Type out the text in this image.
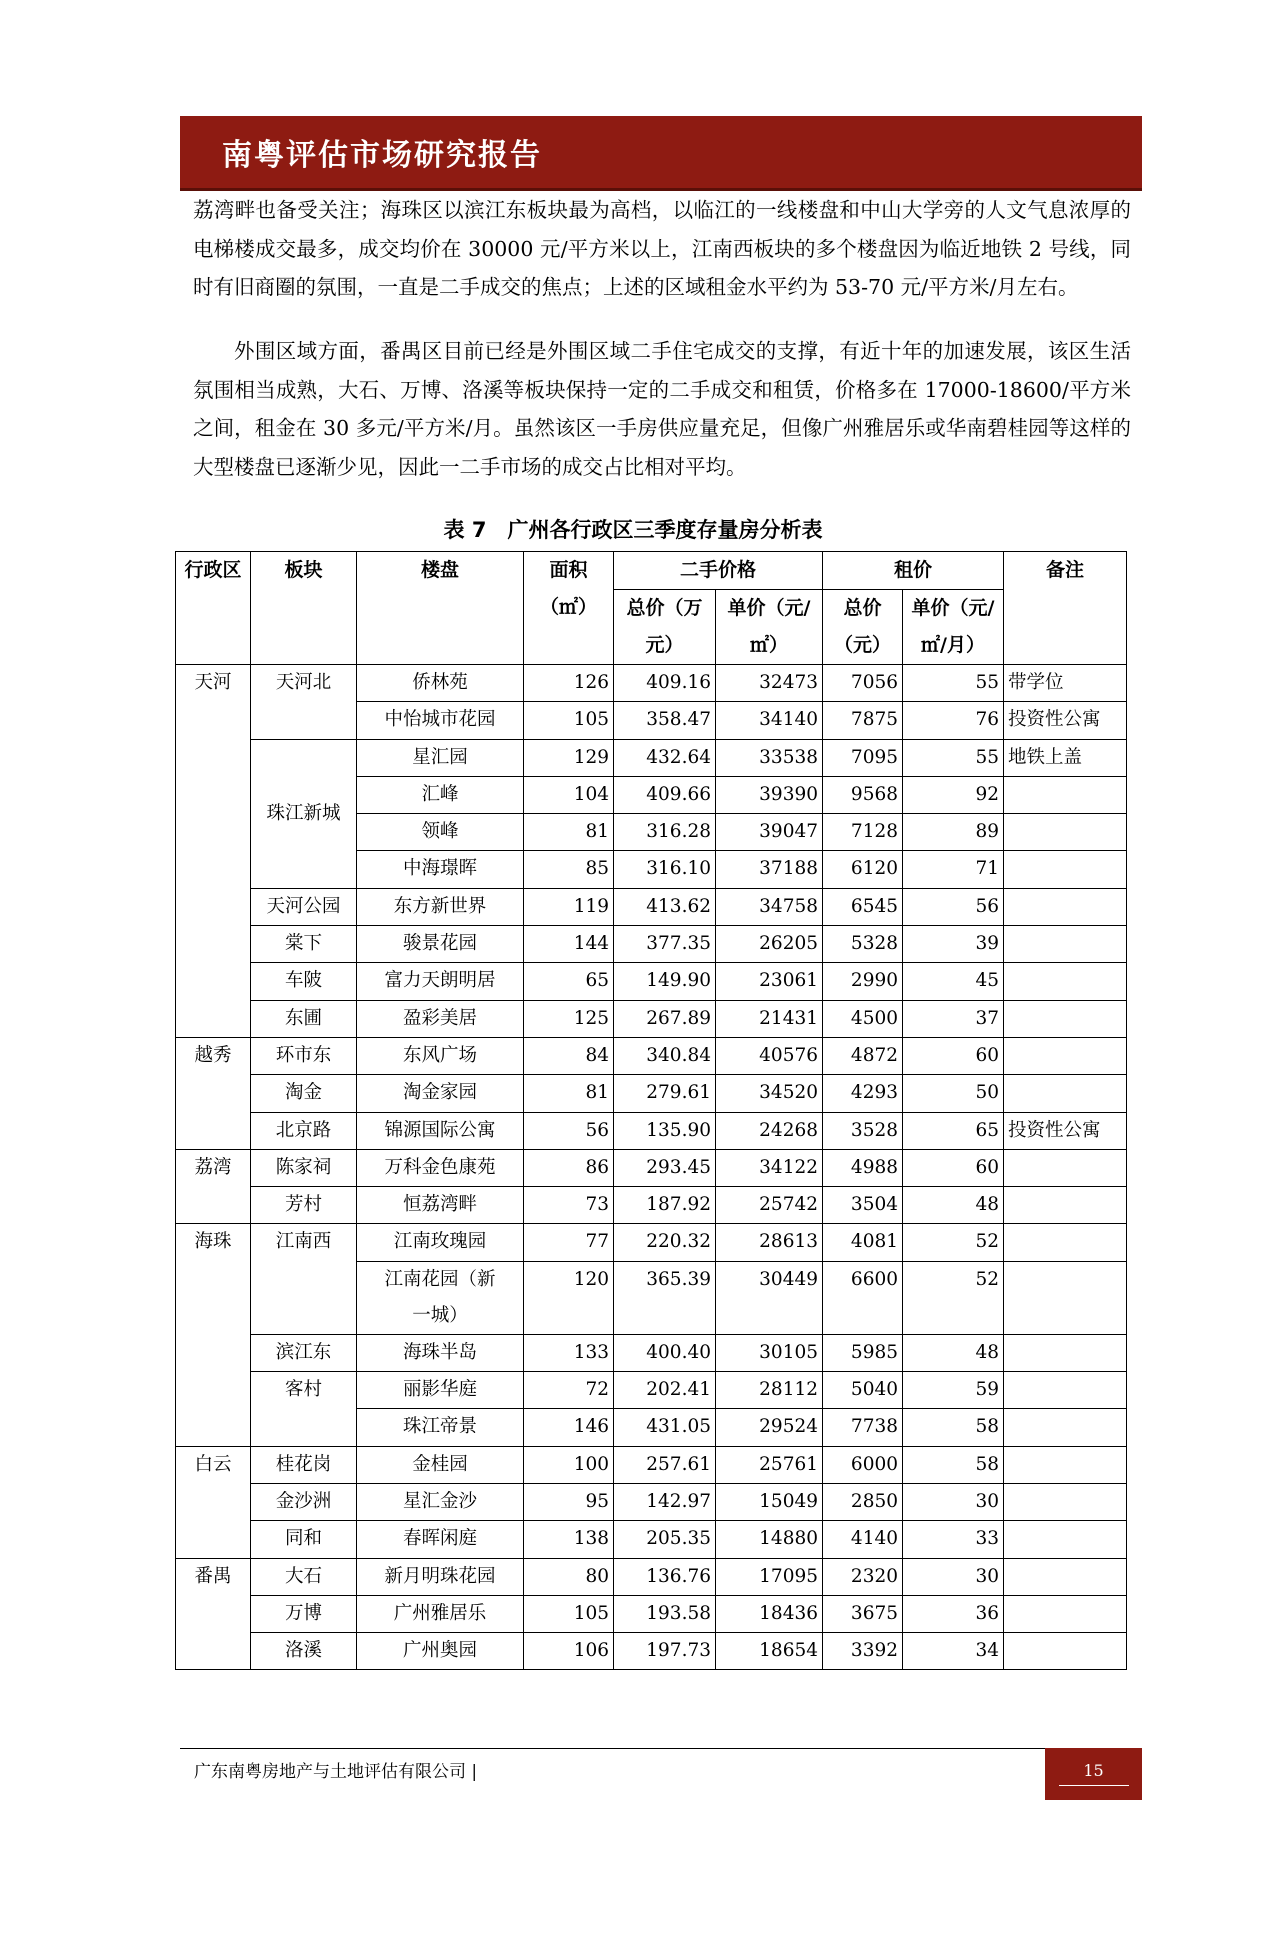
南粤评估市场研究报告

荔湾畔也备受关注；海珠区以滨江东板块最为高档，以临江的一线楼盘和中山大学旁的人文气息浓厚的电梯楼成交最多，成交均价在 30000 元/平方米以上，江南西板块的多个楼盘因为临近地铁 2 号线，同时有旧商圈的氛围，一直是二手成交的焦点；上述的区域租金水平约为 53-70 元/平方米/月左右。

外围区域方面，番禺区目前已经是外围区域二手住宅成交的支撑，有近十年的加速发展，该区生活氛围相当成熟，大石、万博、洛溪等板块保持一定的二手成交和租赁，价格多在 17000-18600/平方米之间，租金在 30 多元/平方米/月。虽然该区一手房供应量充足，但像广州雅居乐或华南碧桂园等这样的大型楼盘已逐渐少见，因此一二手市场的成交占比相对平均。

表 7　广州各行政区三季度存量房分析表
行政区	板块	楼盘	面积（㎡）	二手价格		租价		备注
				总价（万元）	单价（元/㎡）	总价（元）	单价（元/㎡/月）	
天河	天河北	侨林苑	126	409.16	32473	7056	55	带学位
		中怡城市花园	105	358.47	34140	7875	76	投资性公寓
	珠江新城	星汇园	129	432.64	33538	7095	55	地铁上盖
		汇峰	104	409.66	39390	9568	92	
		领峰	81	316.28	39047	7128	89	
		中海璟晖	85	316.10	37188	6120	71	
	天河公园	东方新世界	119	413.62	34758	6545	56	
	棠下	骏景花园	144	377.35	26205	5328	39	
	车陂	富力天朗明居	65	149.90	23061	2990	45	
	东圃	盈彩美居	125	267.89	21431	4500	37	
越秀	环市东	东风广场	84	340.84	40576	4872	60	
	淘金	淘金家园	81	279.61	34520	4293	50	
	北京路	锦源国际公寓	56	135.90	24268	3528	65	投资性公寓
荔湾	陈家祠	万科金色康苑	86	293.45	34122	4988	60	
	芳村	恒荔湾畔	73	187.92	25742	3504	48	
海珠	江南西	江南玫瑰园	77	220.32	28613	4081	52	
		江南花园（新一城）	120	365.39	30449	6600	52	
	滨江东	海珠半岛	133	400.40	30105	5985	48	
	客村	丽影华庭	72	202.41	28112	5040	59	
		珠江帝景	146	431.05	29524	7738	58	
白云	桂花岗	金桂园	100	257.61	25761	6000	58	
	金沙洲	星汇金沙	95	142.97	15049	2850	30	
	同和	春晖闲庭	138	205.35	14880	4140	33	
番禺	大石	新月明珠花园	80	136.76	17095	2320	30	
	万博	广州雅居乐	105	193.58	18436	3675	36	
	洛溪	广州奥园	106	197.73	18654	3392	34	
广东南粤房地产与土地评估有限公司 |	15
